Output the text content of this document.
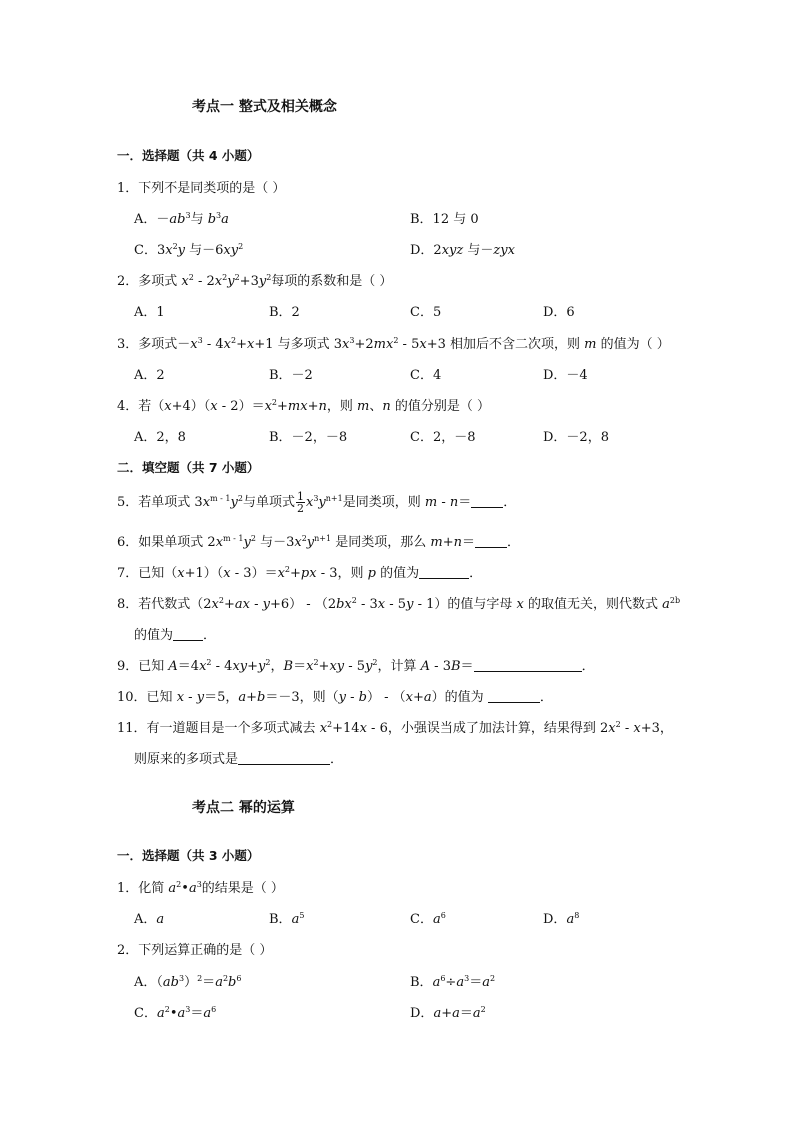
考点一 整式及相关概念
一．选择题（共 4 小题）
1．下列不是同类项的是（ ）
A．$-ab^3$与 $b^3a$	B．12 与 0
C．$3x^2y$ 与$-6xy^2$	D．2xyz 与－zyx
2．多项式 $x^2 - 2x^2y^2+3y^2$每项的系数和是（ ）
A．1	B．2	C．5	D．6
3．多项式$-x^3 - 4x^2+x+1$ 与多项式 $3x^3+2mx^2 - 5x+3$ 相加后不含二次项，则 m 的值为（ ）
A．2	B．－2	C．4	D．－4
4．若$(x+4)(x - 2)=x^2+mx+n$，则 m、n 的值分别是（ ）
A．2，8	B．－2，－8	C．2，－8	D．－2，8
二．填空题（共 7 小题）
5．若单项式 $3x^{m - 1}y^2$与单项式 $\frac{1}{2} x^3y^{n+1}$是同类项，则 m - n＝ ．
6．如果单项式 $2x^{m - 1}y^2$ 与$-3x^2y^{n+1}$ 是同类项，那么 m+n＝ ．
7．已知$(x+1)(x - 3)=x^2+px - 3$，则 p 的值为	．
8．若代数式$(2x^2+ax - y+6) - (2bx^2 - 3x - 5y - 1)$的值与字母 x 的取值无关，则代数式 $a^{2b}$
的值为 ．
9．已知 $A=4x^2 - 4xy+y^2$，$B=x^2+xy - 5y^2$，计算 A - 3B＝	．
10．已知 x - y＝5，a+b＝－3，则（y - b） - （x+a）的值为	．
11．有一道题目是一个多项式减去 $x^2+14x - 6$，小强误当成了加法计算，结果得到 $2x^2 - x+3$，
则原来的多项式是	．
考点二 幂的运算
一．选择题（共 3 小题）
1．化简 $a^2•a^3$的结果是（ ）
A．a	B．$a^5$	C．$a^6$	D．$a^8$
2．下列运算正确的是（ ）
A．$(ab^3)^2=a^2b^6$	B．$a^6\div a^3=a^2$
C．$a^2•a^3=a^6$	D．$a+a=a^2$
